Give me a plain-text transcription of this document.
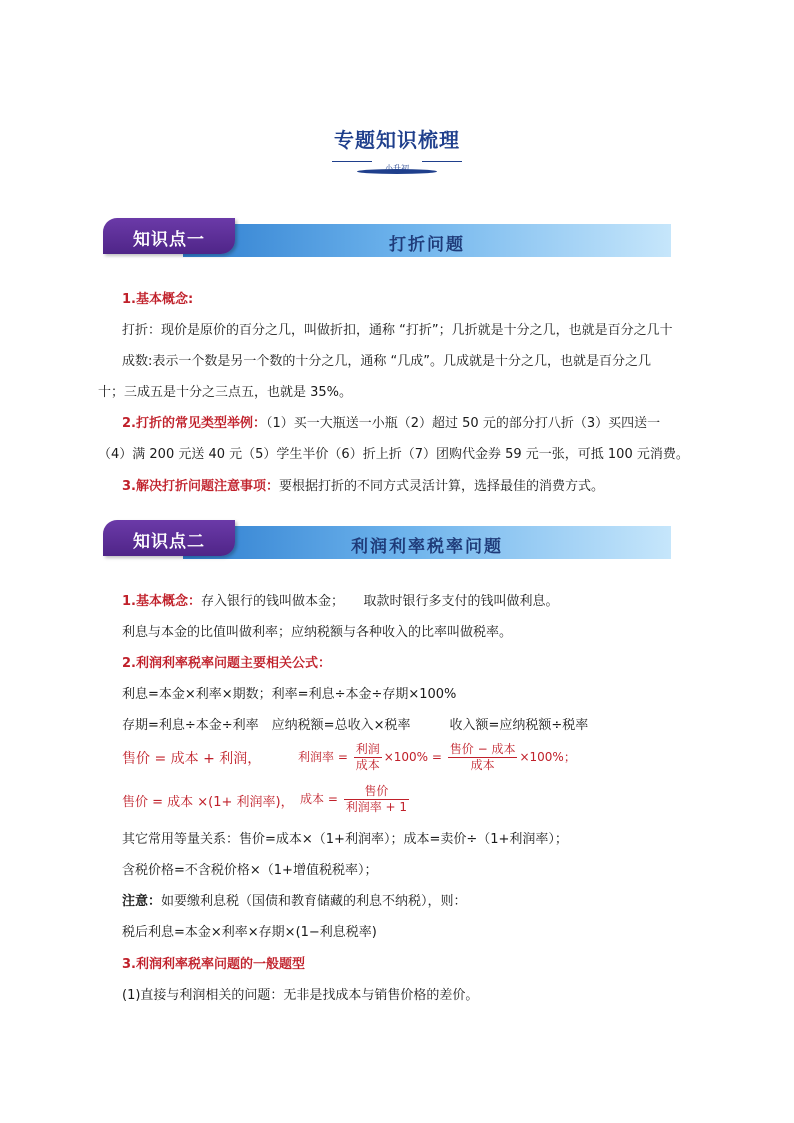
专题知识梳理
小升初
打折问题
知识点一
1.基本概念:
打折：现价是原价的百分之几，叫做折扣，通称 “打折”；几折就是十分之几，也就是百分之几十
成数:表示一个数是另一个数的十分之几，通称 “几成”。几成就是十分之几，也就是百分之几
十；三成五是十分之三点五，也就是 35%。
2.打折的常见类型举例：（1）买一大瓶送一小瓶（2）超过 50 元的部分打八折（3）买四送一
（4）满 200 元送 40 元（5）学生半价（6）折上折（7）团购代金券 59 元一张，可抵 100 元消费。
3.解决打折问题注意事项：要根据打折的不同方式灵活计算，选择最佳的消费方式。
利润利率税率问题
知识点二
1.基本概念：存入银行的钱叫做本金；　　取款时银行多支付的钱叫做利息。
利息与本金的比值叫做利率；应纳税额与各种收入的比率叫做税率。
2.利润利率税率问题主要相关公式：
利息=本金×利率×期数；利率=利息÷本金÷存期×100%
存期=利息÷本金÷利率　应纳税额=总收入×税率　　　收入额=应纳税额÷税率
售价 = 成本 + 利润，	利润率 = $\frac{\text{利润}}{\text{成本}} \times 100\% = \frac{\text{售价 − 成本}}{\text{成本}} \times 100\%$；
售价 = 成本 ×(1+ 利润率)， 成本 = $\frac{\text{售价}}{\text{利润率 + 1}}$
其它常用等量关系：售价=成本×（1+利润率）；成本=卖价÷（1+利润率）；
含税价格=不含税价格×（1+增值税税率）；
注意：如要缴利息税（国债和教育储藏的利息不纳税），则：
税后利息=本金×利率×存期×(1−利息税率)
3.利润利率税率问题的一般题型
(1)直接与利润相关的问题：无非是找成本与销售价格的差价。
